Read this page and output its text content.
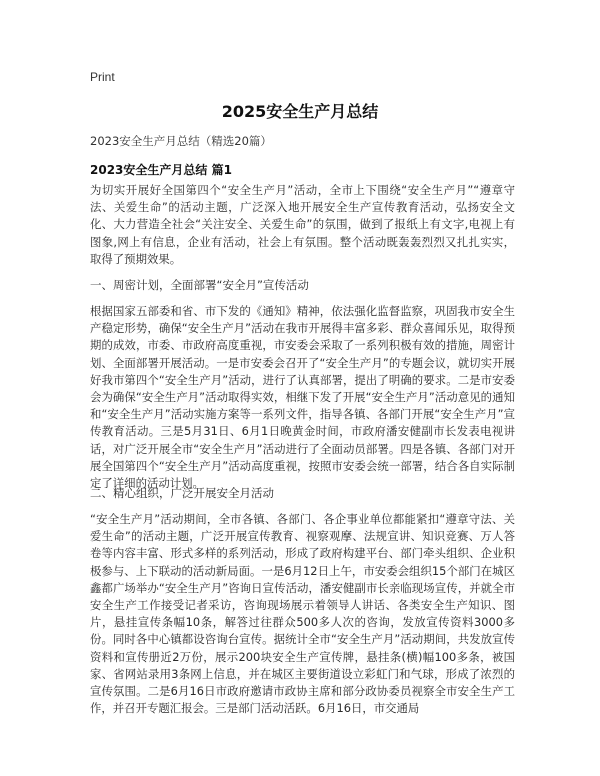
Print
2025安全生产月总结
2023安全生产月总结（精选20篇）
2023安全生产月总结 篇1
为切实开展好全国第四个“安全生产月”活动，全市上下围绕“安全生产月”“遵章守法、关爱生命”的活动主题，广泛深入地开展安全生产宣传教育活动，弘扬安全文化、大力营造全社会“关注安全、关爱生命”的氛围，做到了报纸上有文字,电视上有图象,网上有信息，企业有活动，社会上有氛围。整个活动既轰轰烈烈又扎扎实实，取得了预期效果。
一、周密计划，全面部署“安全月”宣传活动
根据国家五部委和省、市下发的《通知》精神，依法强化监督监察，巩固我市安全生产稳定形势，确保“安全生产月”活动在我市开展得丰富多彩、群众喜闻乐见，取得预期的成效，市委、市政府高度重视，市安委会采取了一系列积极有效的措施，周密计划、全面部署开展活动。一是市安委会召开了“安全生产月”的专题会议，就切实开展好我市第四个“安全生产月”活动，进行了认真部署，提出了明确的要求。二是市安委会为确保“安全生产月”活动取得实效，相继下发了开展“安全生产月”活动意见的通知和“安全生产月”活动实施方案等一系列文件，指导各镇、各部门开展“安全生产月”宣传教育活动。三是5月31日、6月1日晚黄金时间，市政府潘安健副市长发表电视讲话，对广泛开展全市“安全生产月”活动进行了全面动员部署。四是各镇、各部门对开展全国第四个“安全生产月”活动高度重视，按照市安委会统一部署，结合各自实际制定了详细的活动计划。
二、精心组织，广泛开展安全月活动
“安全生产月”活动期间，全市各镇、各部门、各企事业单位都能紧扣“遵章守法、关爱生命”的活动主题，广泛开展宣传教育、视察观摩、法规宣讲、知识竞赛、万人答卷等内容丰富、形式多样的系列活动，形成了政府构建平台、部门牵头组织、企业积极参与、上下联动的活动新局面。一是6月12日上午，市安委会组织15个部门在城区鑫都广场举办“安全生产月”咨询日宣传活动，潘安健副市长亲临现场宣传，并就全市安全生产工作接受记者采访，咨询现场展示着领导人讲话、各类安全生产知识、图片，悬挂宣传条幅10条，解答过往群众500多人次的咨询，发放宣传资料3000多份。同时各中心镇都设咨询台宣传。据统计全市“安全生产月”活动期间，共发放宣传资料和宣传册近2万份，展示200块安全生产宣传牌，悬挂条(横)幅100多条，被国家、省网站录用3条网上信息，并在城区主要街道设立彩虹门和气球，形成了浓烈的宣传氛围。二是6月16日市政府邀请市政协主席和部分政协委员视察全市安全生产工作，并召开专题汇报会。三是部门活动活跃。6月16日，市交通局
